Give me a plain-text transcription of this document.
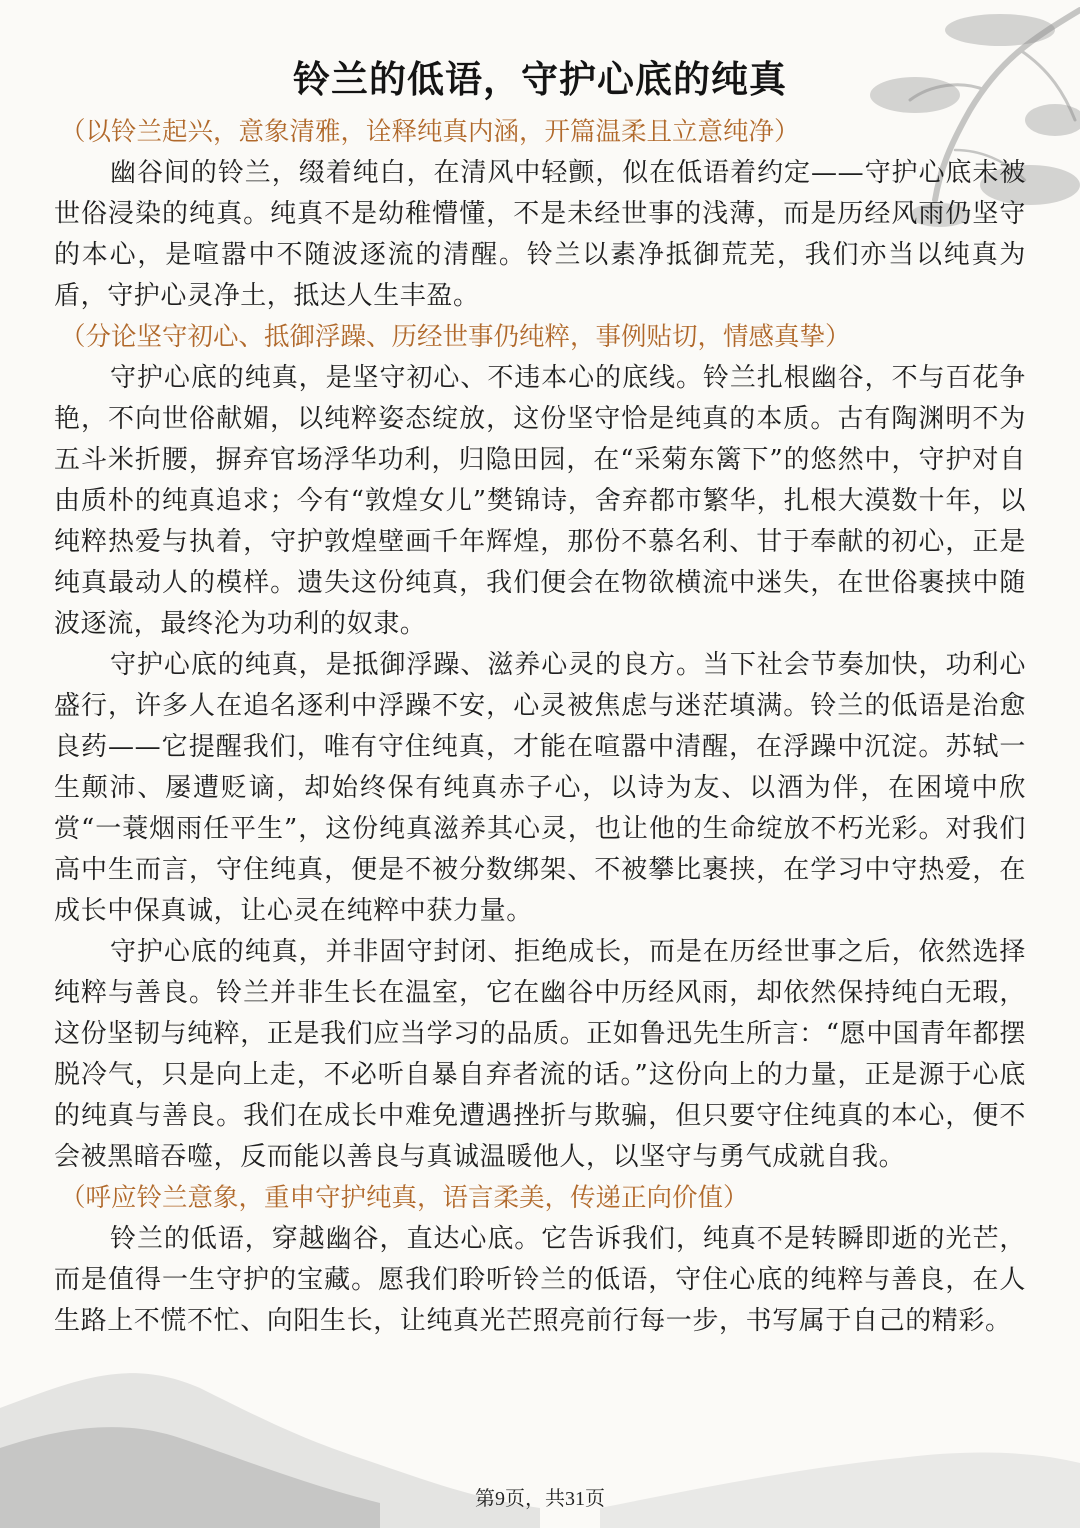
铃兰的低语，守护心底的纯真

（以铃兰起兴，意象清雅，诠释纯真内涵，开篇温柔且立意纯净）

幽谷间的铃兰，缀着纯白，在清风中轻颤，似在低语着约定——守护心底未被世俗浸染的纯真。纯真不是幼稚懵懂，不是未经世事的浅薄，而是历经风雨仍坚守的本心，是喧嚣中不随波逐流的清醒。铃兰以素净抵御荒芜，我们亦当以纯真为盾，守护心灵净土，抵达人生丰盈。

（分论坚守初心、抵御浮躁、历经世事仍纯粹，事例贴切，情感真挚）

守护心底的纯真，是坚守初心、不违本心的底线。铃兰扎根幽谷，不与百花争艳，不向世俗献媚，以纯粹姿态绽放，这份坚守恰是纯真的本质。古有陶渊明不为五斗米折腰，摒弃官场浮华功利，归隐田园，在“采菊东篱下”的悠然中，守护对自由质朴的纯真追求；今有“敦煌女儿”樊锦诗，舍弃都市繁华，扎根大漠数十年，以纯粹热爱与执着，守护敦煌壁画千年辉煌，那份不慕名利、甘于奉献的初心，正是纯真最动人的模样。遗失这份纯真，我们便会在物欲横流中迷失，在世俗裹挟中随波逐流，最终沦为功利的奴隶。

守护心底的纯真，是抵御浮躁、滋养心灵的良方。当下社会节奏加快，功利心盛行，许多人在追名逐利中浮躁不安，心灵被焦虑与迷茫填满。铃兰的低语是治愈良药——它提醒我们，唯有守住纯真，才能在喧嚣中清醒，在浮躁中沉淀。苏轼一生颠沛、屡遭贬谪，却始终保有纯真赤子心，以诗为友、以酒为伴，在困境中欣赏“一蓑烟雨任平生”，这份纯真滋养其心灵，也让他的生命绽放不朽光彩。对我们高中生而言，守住纯真，便是不被分数绑架、不被攀比裹挟，在学习中守热爱，在成长中保真诚，让心灵在纯粹中获力量。

守护心底的纯真，并非固守封闭、拒绝成长，而是在历经世事之后，依然选择纯粹与善良。铃兰并非生长在温室，它在幽谷中历经风雨，却依然保持纯白无瑕，这份坚韧与纯粹，正是我们应当学习的品质。正如鲁迅先生所言：“愿中国青年都摆脱冷气，只是向上走，不必听自暴自弃者流的话。”这份向上的力量，正是源于心底的纯真与善良。我们在成长中难免遭遇挫折与欺骗，但只要守住纯真的本心，便不会被黑暗吞噬，反而能以善良与真诚温暖他人，以坚守与勇气成就自我。

（呼应铃兰意象，重申守护纯真，语言柔美，传递正向价值）

铃兰的低语，穿越幽谷，直达心底。它告诉我们，纯真不是转瞬即逝的光芒，而是值得一生守护的宝藏。愿我们聆听铃兰的低语，守住心底的纯粹与善良，在人生路上不慌不忙、向阳生长，让纯真光芒照亮前行每一步，书写属于自己的精彩。

第9页，共31页
